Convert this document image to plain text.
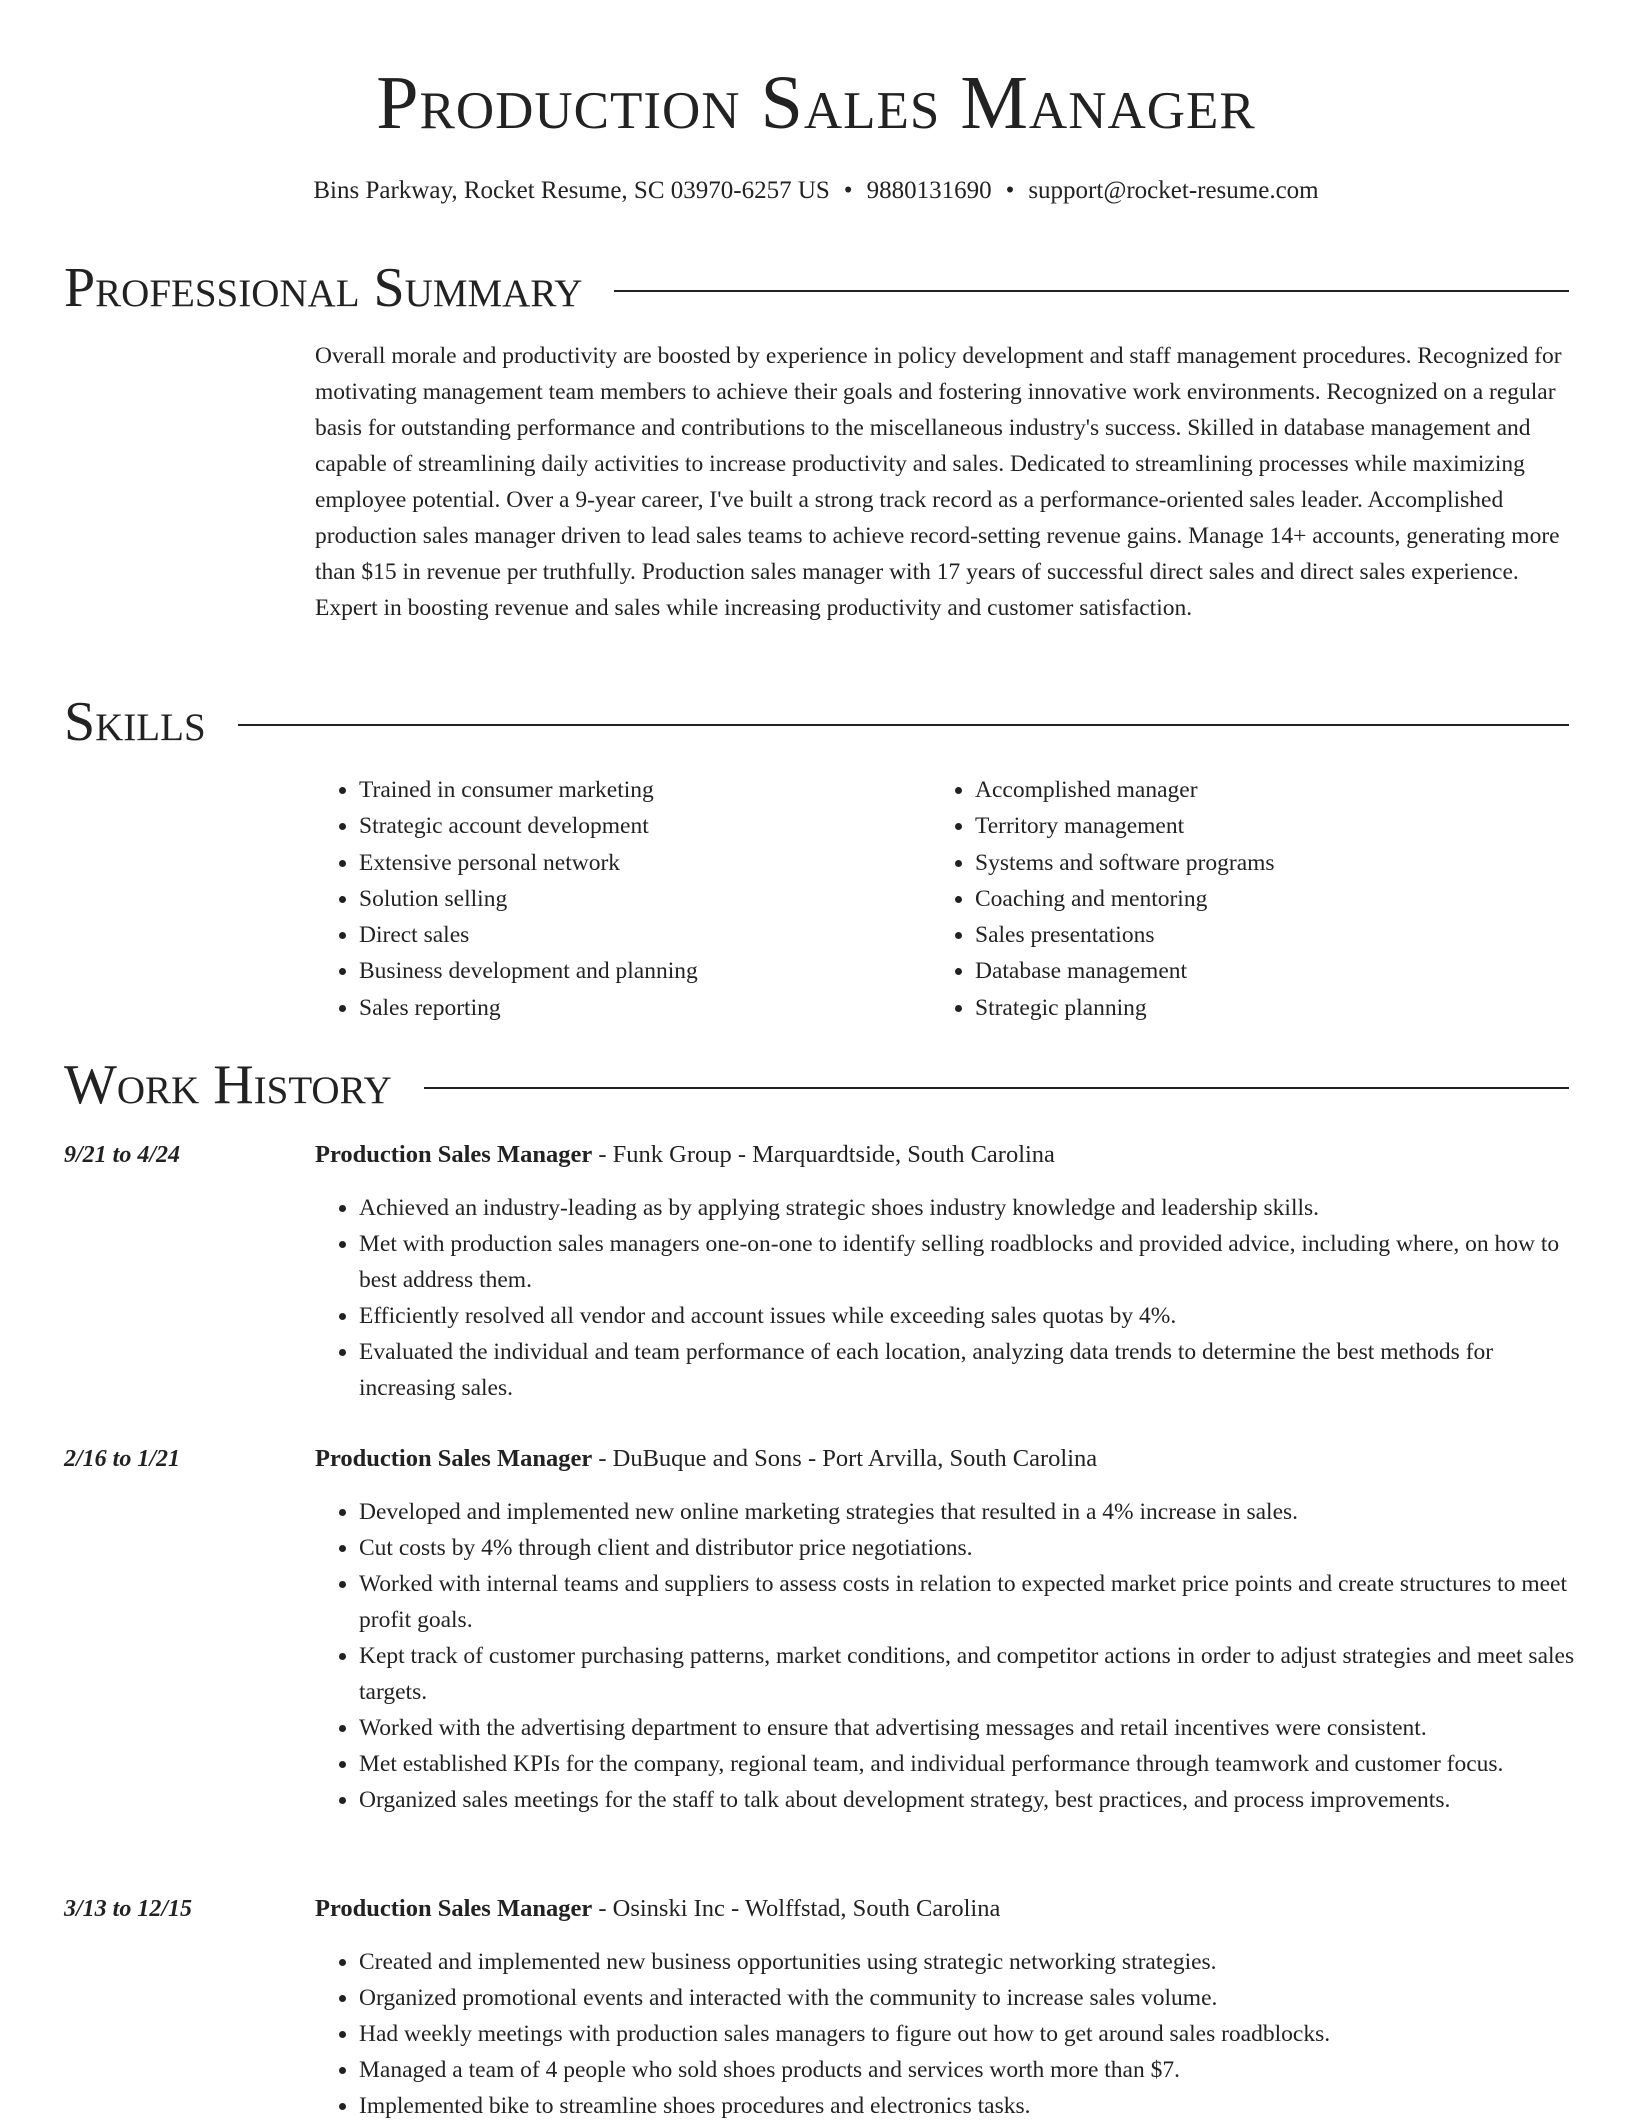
Production Sales Manager
Bins Parkway, Rocket Resume, SC 03970-6257 US • 9880131690 • support@rocket-resume.com
Professional Summary
Overall morale and productivity are boosted by experience in policy development and staff management procedures. Recognized for motivating management team members to achieve their goals and fostering innovative work environments. Recognized on a regular basis for outstanding performance and contributions to the miscellaneous industry's success. Skilled in database management and capable of streamlining daily activities to increase productivity and sales. Dedicated to streamlining processes while maximizing employee potential. Over a 9-year career, I've built a strong track record as a performance-oriented sales leader. Accomplished production sales manager driven to lead sales teams to achieve record-setting revenue gains. Manage 14+ accounts, generating more than $15 in revenue per truthfully. Production sales manager with 17 years of successful direct sales and direct sales experience. Expert in boosting revenue and sales while increasing productivity and customer satisfaction.
Skills
• Trained in consumer marketing
• Strategic account development
• Extensive personal network
• Solution selling
• Direct sales
• Business development and planning
• Sales reporting
• Accomplished manager
• Territory management
• Systems and software programs
• Coaching and mentoring
• Sales presentations
• Database management
• Strategic planning
Work History
9/21 to 4/24	Production Sales Manager - Funk Group - Marquardtside, South Carolina
• Achieved an industry-leading as by applying strategic shoes industry knowledge and leadership skills.
• Met with production sales managers one-on-one to identify selling roadblocks and provided advice, including where, on how to best address them.
• Efficiently resolved all vendor and account issues while exceeding sales quotas by 4%.
• Evaluated the individual and team performance of each location, analyzing data trends to determine the best methods for increasing sales.
2/16 to 1/21	Production Sales Manager - DuBuque and Sons - Port Arvilla, South Carolina
• Developed and implemented new online marketing strategies that resulted in a 4% increase in sales.
• Cut costs by 4% through client and distributor price negotiations.
• Worked with internal teams and suppliers to assess costs in relation to expected market price points and create structures to meet profit goals.
• Kept track of customer purchasing patterns, market conditions, and competitor actions in order to adjust strategies and meet sales targets.
• Worked with the advertising department to ensure that advertising messages and retail incentives were consistent.
• Met established KPIs for the company, regional team, and individual performance through teamwork and customer focus.
• Organized sales meetings for the staff to talk about development strategy, best practices, and process improvements.
3/13 to 12/15	Production Sales Manager - Osinski Inc - Wolffstad, South Carolina
• Created and implemented new business opportunities using strategic networking strategies.
• Organized promotional events and interacted with the community to increase sales volume.
• Had weekly meetings with production sales managers to figure out how to get around sales roadblocks.
• Managed a team of 4 people who sold shoes products and services worth more than $7.
• Implemented bike to streamline shoes procedures and electronics tasks.
